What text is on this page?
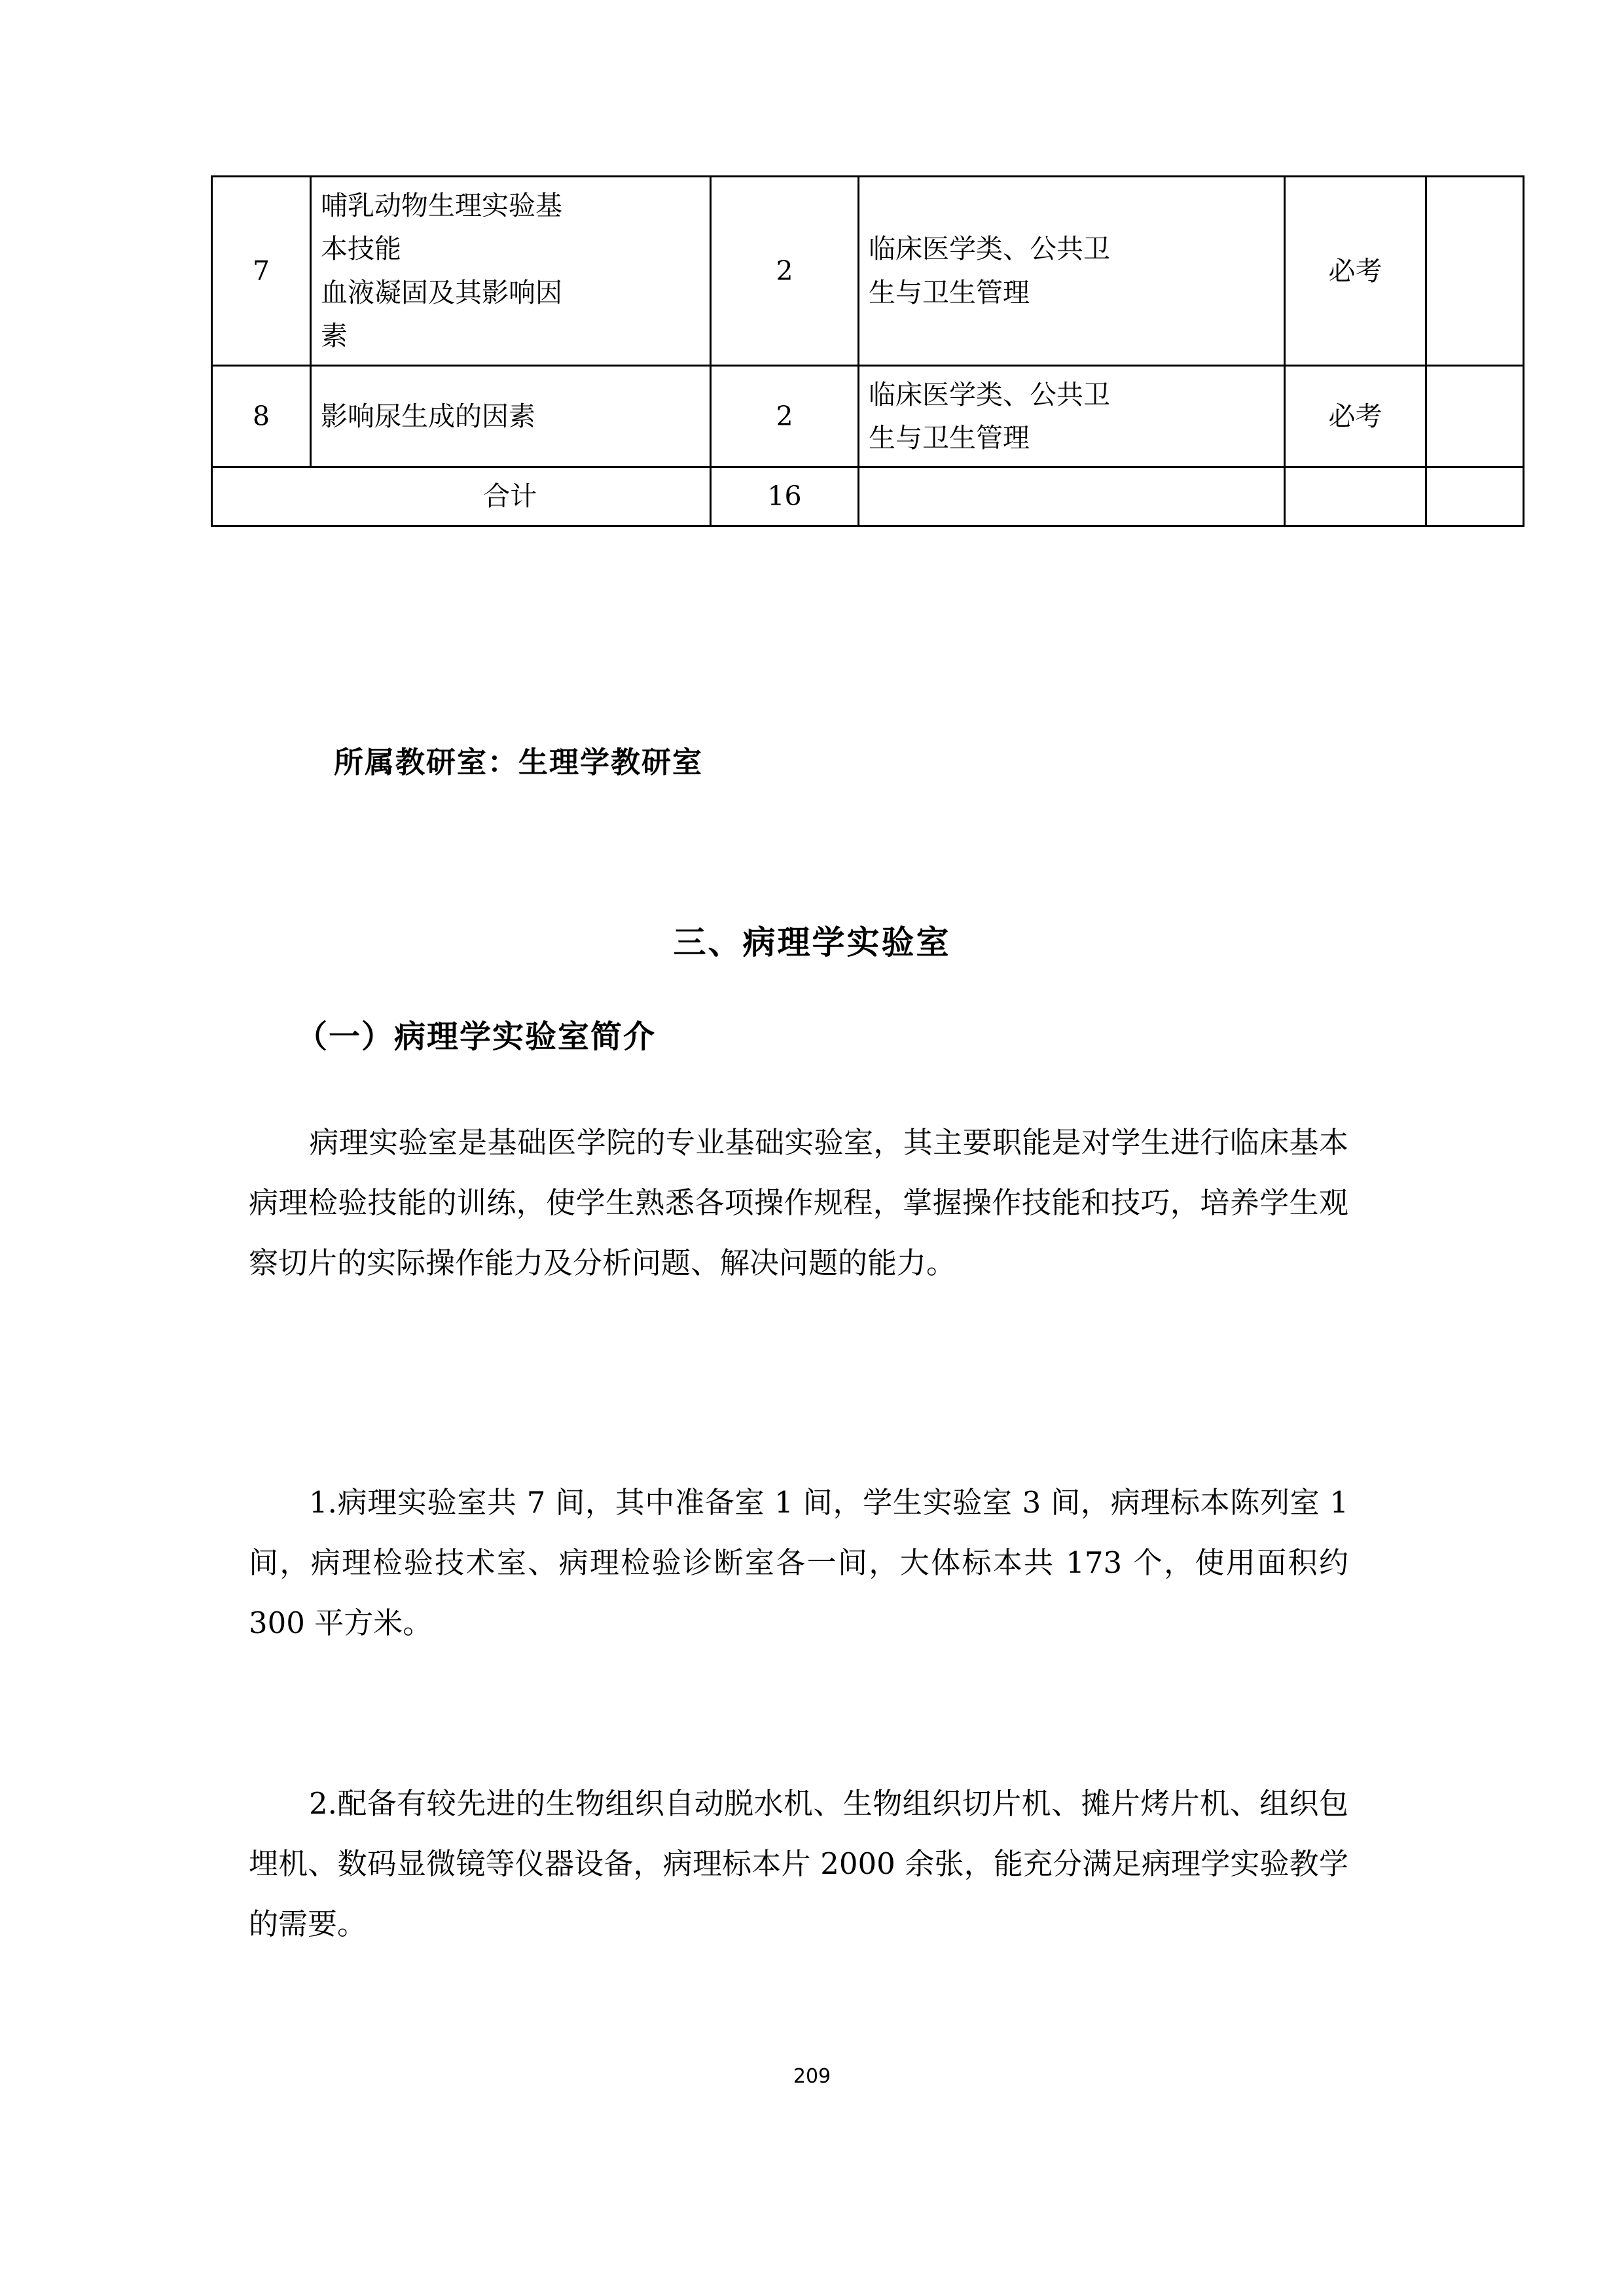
7	哺乳动物生理实验基
本技能
血液凝固及其影响因
素	2	临床医学类、公共卫
生与卫生管理	必考	
8	影响尿生成的因素	2	临床医学类、公共卫
生与卫生管理	必考	
	合计	16			
所属教研室：生理学教研室
三、病理学实验室
（一）病理学实验室简介
病理实验室是基础医学院的专业基础实验室，其主要职能是对学生进行临床基本病理检验技能的训练，使学生熟悉各项操作规程，掌握操作技能和技巧，培养学生观察切片的实际操作能力及分析问题、解决问题的能力。
1.病理实验室共 7 间，其中准备室 1 间，学生实验室 3 间，病理标本陈列室 1 间，病理检验技术室、病理检验诊断室各一间，大体标本共 173 个，使用面积约 300 平方米。
2.配备有较先进的生物组织自动脱水机、生物组织切片机、摊片烤片机、组织包埋机、数码显微镜等仪器设备，病理标本片 2000 余张，能充分满足病理学实验教学的需要。
209
